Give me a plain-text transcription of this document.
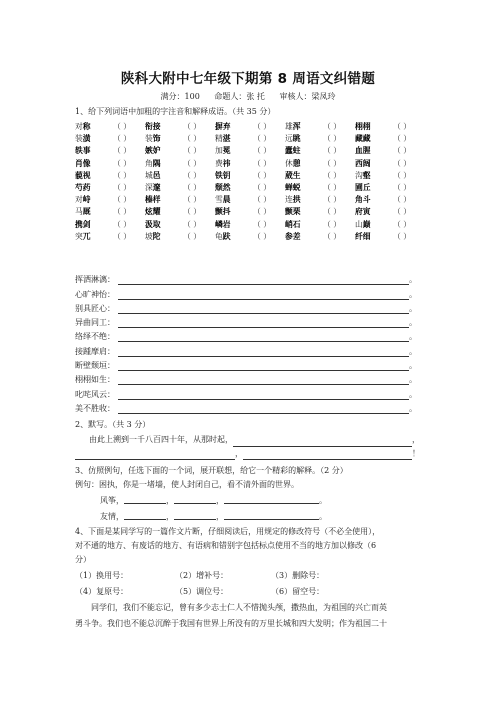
陕科大附中七年级下期第 8 周语文纠错题
满分：100 命题人：张 托 审核人：梁凤玲
1、给下列词语中加粗的字注音和解释成语。（共 35 分）
对称	（ ） 衔接	（ ） 摒弃	（ ） 雄浑	（ ） 栩栩	（ ）
装潢	（ ） 装饰	（ ） 精湛	（ ） 远眺	（ ） 藏藏	（ ）
轶事	（ ） 嫉妒	（ ） 加冕	（ ） 蠹蛀	（ ） 血腥	（ ）
肖像	（ ） 角隅	（ ） 费祎	（ ） 休憩	（ ） 西阔	（ ）
藐视	（ ） 城邑	（ ） 铁钥	（ ） 葳生	（ ） 沟壑	（ ）
芍药	（ ） 深邃	（ ） 颓然	（ ） 蝉蜕	（ ） 圃丘	（ ）
对峙	（ ） 榛样	（ ） 雪晨	（ ） 连拱	（ ） 角斗	（ ）
马厩	（ ） 炫耀	（ ） 颤抖	（ ） 颤栗	（ ） 府寅	（ ）
携剑	（ ） 汲取	（ ） 嶙岩	（ ） 峭石	（ ） 山巅	（ ）
突兀	（ ） 坡陀	（ ） 龟趺	（ ） 参差	（ ） 纤细	（ ）
挥洒淋漓：	。
心旷神怡：	。
别具匠心：	。
异曲同工：	。
络绎不绝：	。
接踵摩肩：	。
断壁颓垣：	。
栩栩如生：	。
叱咤风云：	。
美不胜收：	。
2、默写。（共 3 分）
由此上溯到一千八百四十年，从那时起，	，
，	！
3、仿照例句，任选下面的一个词，展开联想，给它一个精彩的解释。（2 分）
例句：困执，你是一堵墙，使人封闭自己，看不清外面的世界。
风筝，	，	，	。
友情，	，	，	。
4、下面是某同学写的一篇作文片断，仔细阅读后，用规定的修改符号（不必全使用），
对不通的地方、有废话的地方、有语病和错别字包括标点使用不当的地方加以修改（6
分）
（1）换用号：	（2）增补号：	（3）删除号：
（4）复原号：	（5）调位号：	（6）留空号：
同学们，我们不能忘记，曾有多少志士仁人不惜抛头颅，撒热血，为祖国的兴亡而英
勇斗争。我们也不能总沉醉于我国有世界上所没有的万里长城和四大发明；作为祖国二十
